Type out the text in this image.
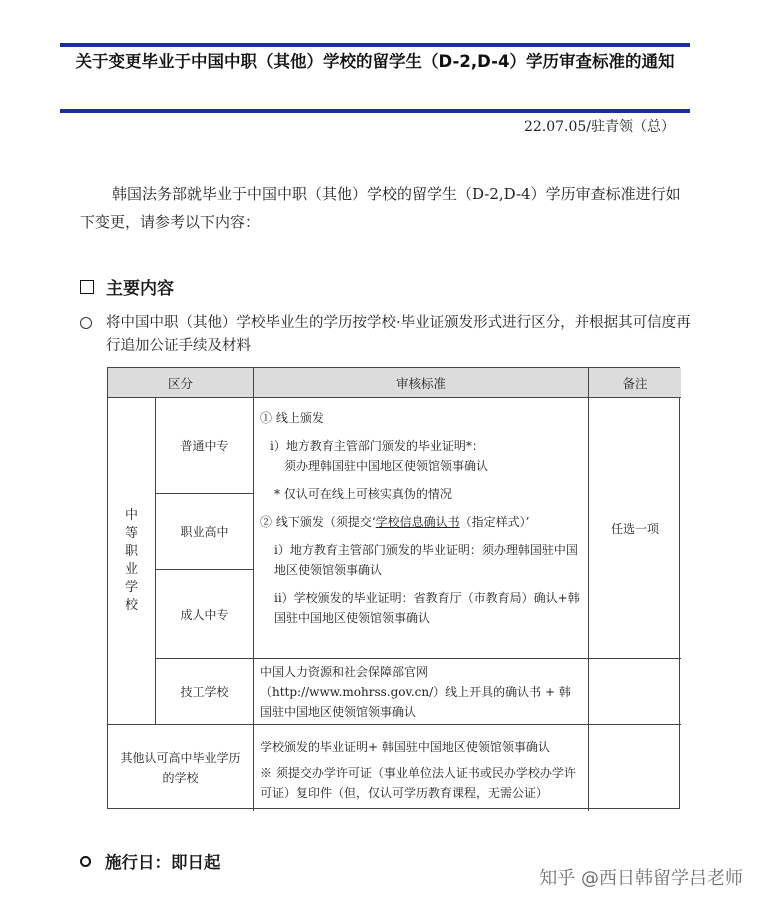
关于变更毕业于中国中职（其他）学校的留学生（D-2,D-4）学历审查标准的通知
22.07.05/驻青领（总）
韩国法务部就毕业于中国中职（其他）学校的留学生（D-2,D-4）学历审查标准进行如下变更，请参考以下内容：
主要内容
将中国中职（其他）学校毕业生的学历按学校·毕业证颁发形式进行区分，并根据其可信度再行追加公证手续及材料
区分	审核标准	备注
中
等
职
业
学
校
普通中专
职业高中
成人中专
技工学校

① 线上颁发

i）地方教育主管部门颁发的毕业证明*：

须办理韩国驻中国地区使领馆领事确认

* 仅认可在线上可核实真伪的情况

② 线下颁发（须提交‘学校信息确认书（指定样式）’

i）地方教育主管部门颁发的毕业证明：须办理韩国驻中国地区使领馆领事确认

ii）学校颁发的毕业证明：省教育厅（市教育局）确认+韩国驻中国地区使领馆领事确认

中国人力资源和社会保障部官网（http://www.mohrss.gov.cn/）线上开具的确认书 + 韩国驻中国地区使领馆领事确认

任选一项
其他认可高中毕业学历的学校

学校颁发的毕业证明+ 韩国驻中国地区使领馆领事确认

※ 须提交办学许可证（事业单位法人证书或民办学校办学许可证）复印件（但，仅认可学历教育课程，无需公证）

施行日：即日起
知乎 @西日韩留学吕老师
